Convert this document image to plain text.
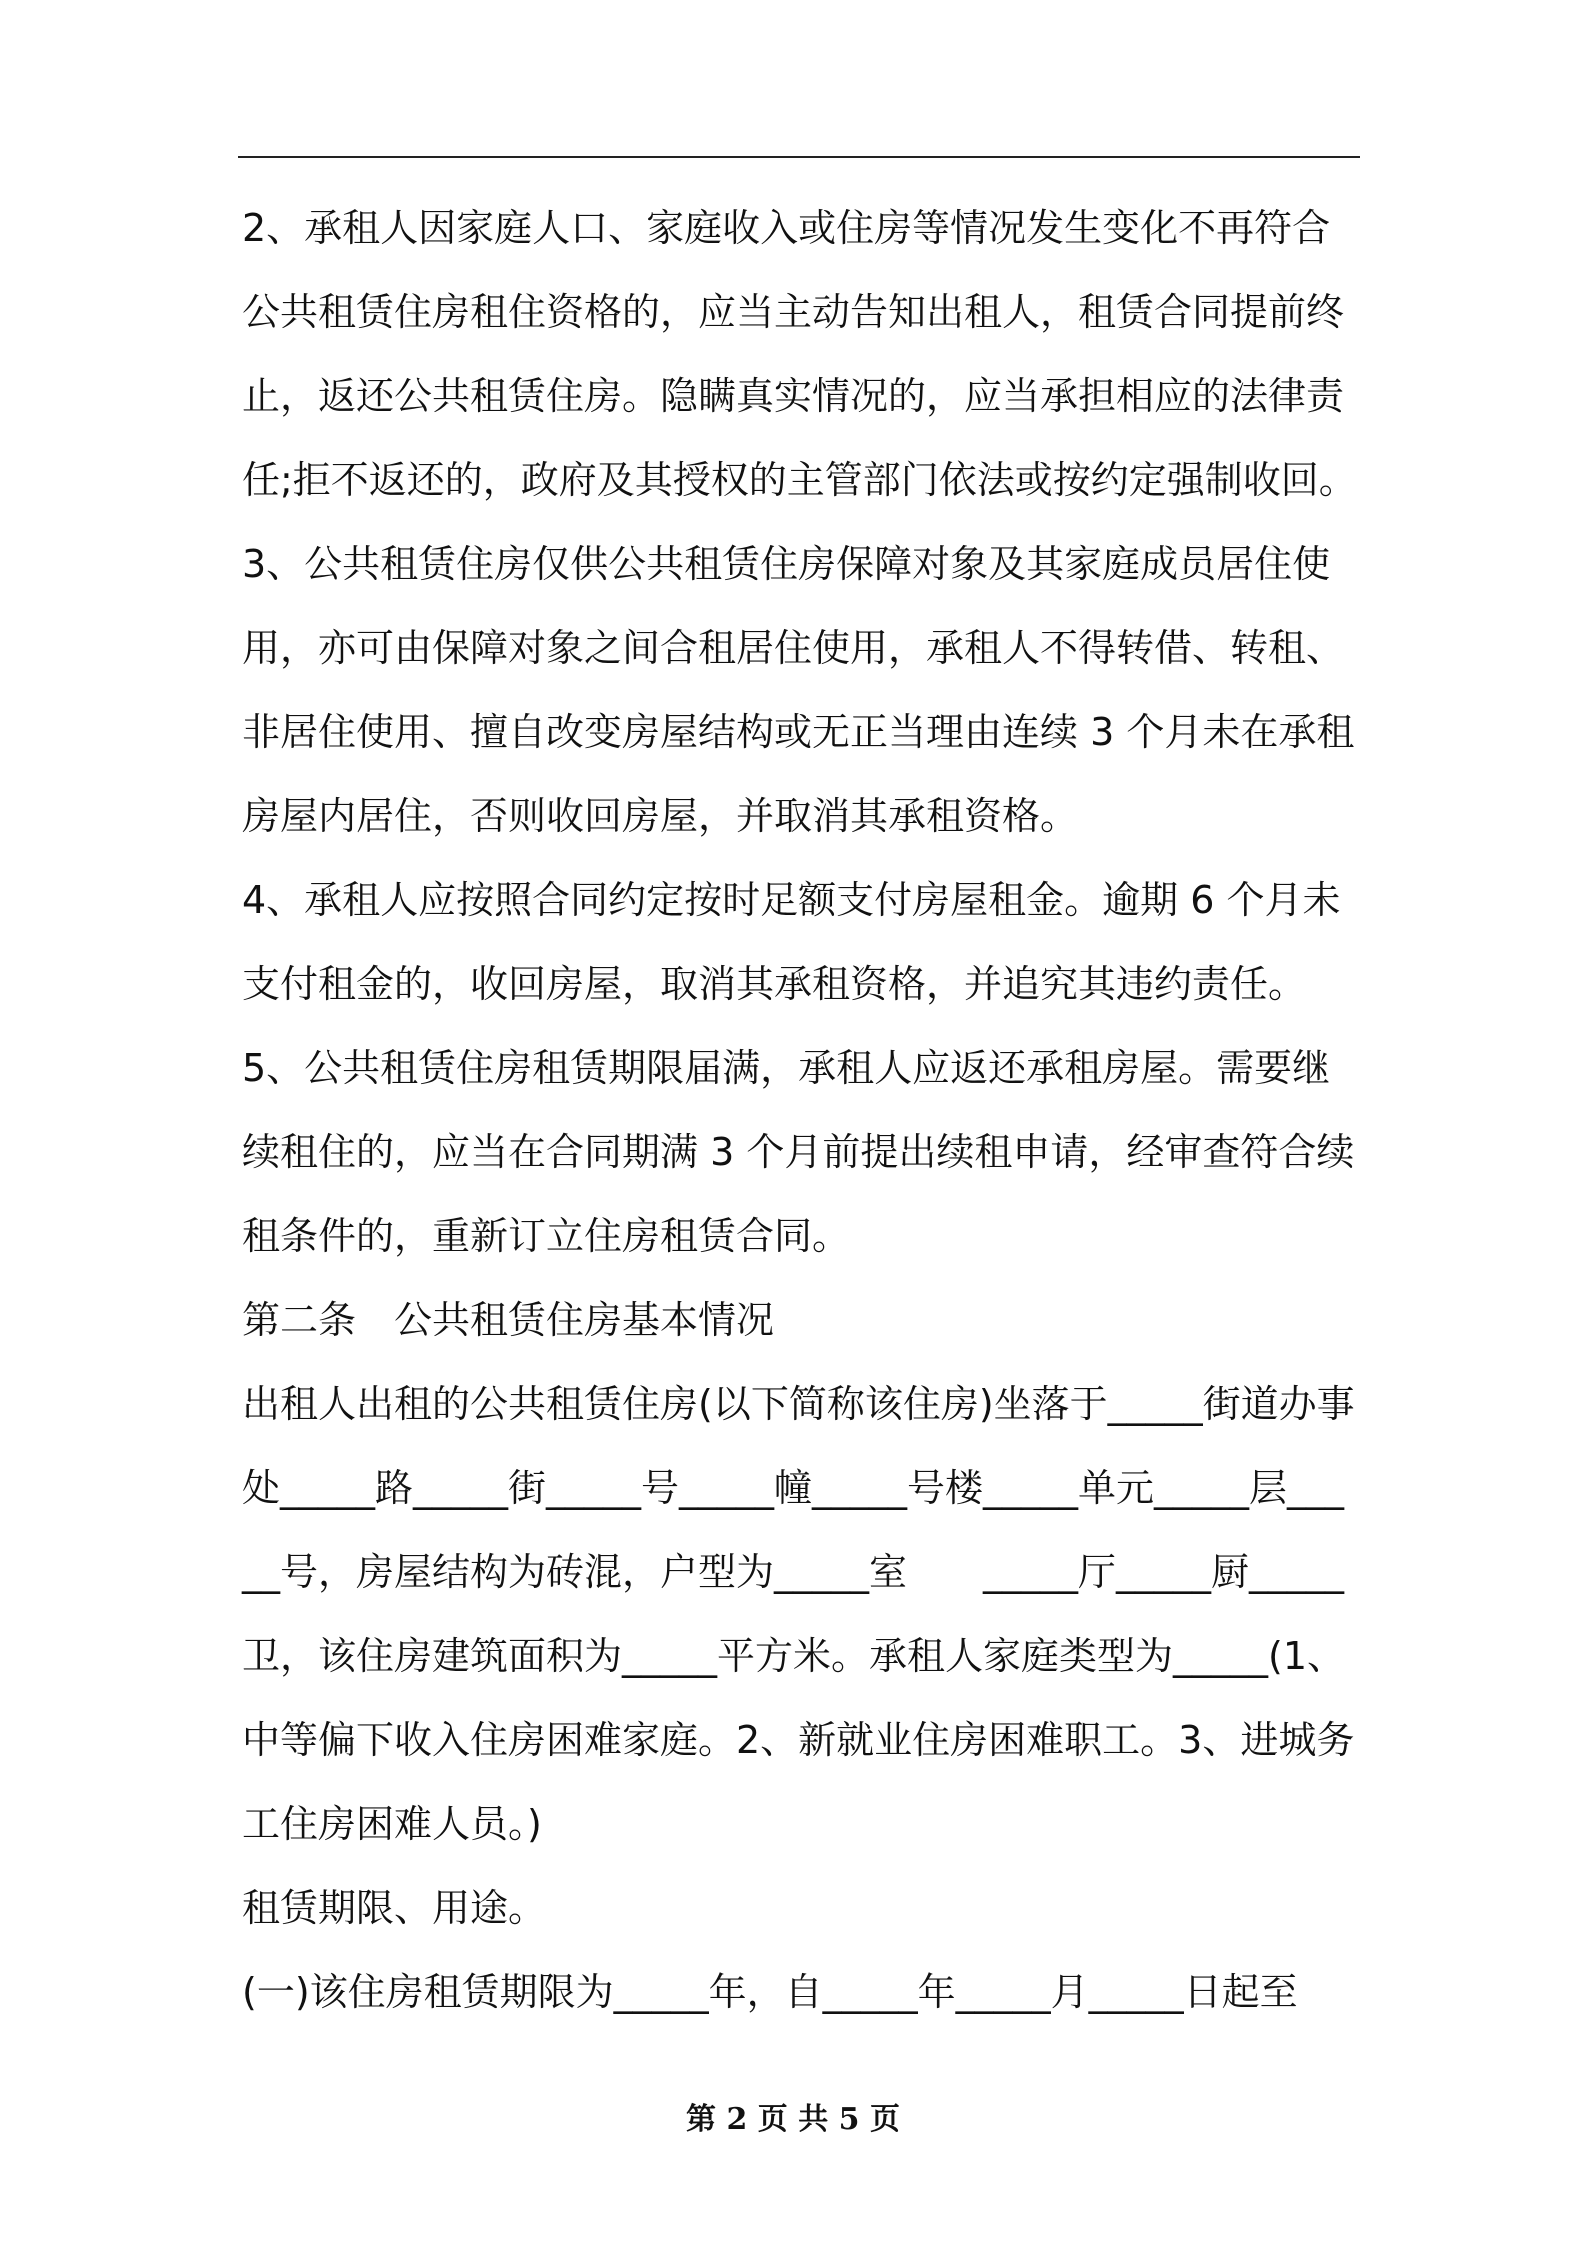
2、承租人因家庭人口、家庭收入或住房等情况发生变化不再符合公共租赁住房租住资格的，应当主动告知出租人，租赁合同提前终止，返还公共租赁住房。隐瞒真实情况的，应当承担相应的法律责任;拒不返还的，政府及其授权的主管部门依法或按约定强制收回。

3、公共租赁住房仅供公共租赁住房保障对象及其家庭成员居住使用，亦可由保障对象之间合租居住使用，承租人不得转借、转租、非居住使用、擅自改变房屋结构或无正当理由连续 3 个月未在承租房屋内居住，否则收回房屋，并取消其承租资格。

4、承租人应按照合同约定按时足额支付房屋租金。逾期 6 个月未支付租金的，收回房屋，取消其承租资格，并追究其违约责任。

5、公共租赁住房租赁期限届满，承租人应返还承租房屋。需要继续租住的，应当在合同期满 3 个月前提出续租申请，经审查符合续租条件的，重新订立住房租赁合同。

第二条　公共租赁住房基本情况

出租人出租的公共租赁住房(以下简称该住房)坐落于_____街道办事处_____路_____街_____号_____幢_____号楼_____单元_____层_____号，房屋结构为砖混，户型为_____室　　_____厅_____厨_____卫，该住房建筑面积为_____平方米。承租人家庭类型为_____(1、中等偏下收入住房困难家庭。2、新就业住房困难职工。3、进城务工住房困难人员。)

租赁期限、用途。

(一)该住房租赁期限为_____年，自_____年_____月_____日起至

第 2 页 共 5 页
